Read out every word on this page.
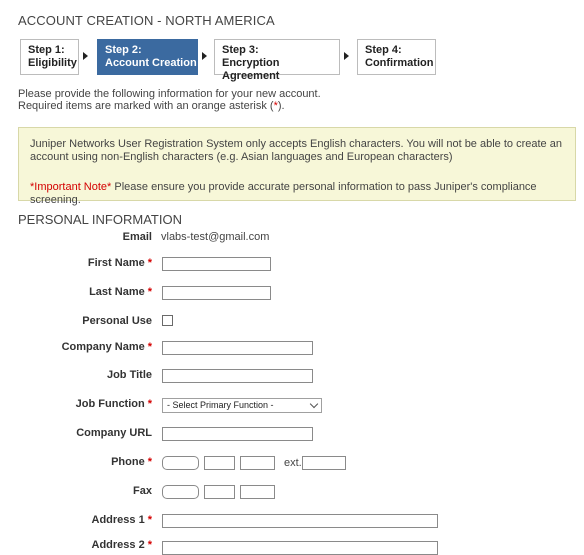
ACCOUNT CREATION - NORTH AMERICA
Step 1:
Eligibility
Step 2:
Account Creation
Step 3:
Encryption Agreement
Step 4:
Confirmation
Please provide the following information for your new account.
Required items are marked with an orange asterisk (*).

Juniper Networks User Registration System only accepts English characters. You will not be able to create an account using non-English characters (e.g. Asian languages and European characters)

*Important Note* Please ensure you provide accurate personal information to pass Juniper's compliance screening.

PERSONAL INFORMATION
Email vlabs-test@gmail.com
First Name *
Last Name *
Personal Use
Company Name *
Job Title
Job Function *	- Select Primary Function -
Company URL
Phone *	ext.
Fax
Address 1 *
Address 2 *
